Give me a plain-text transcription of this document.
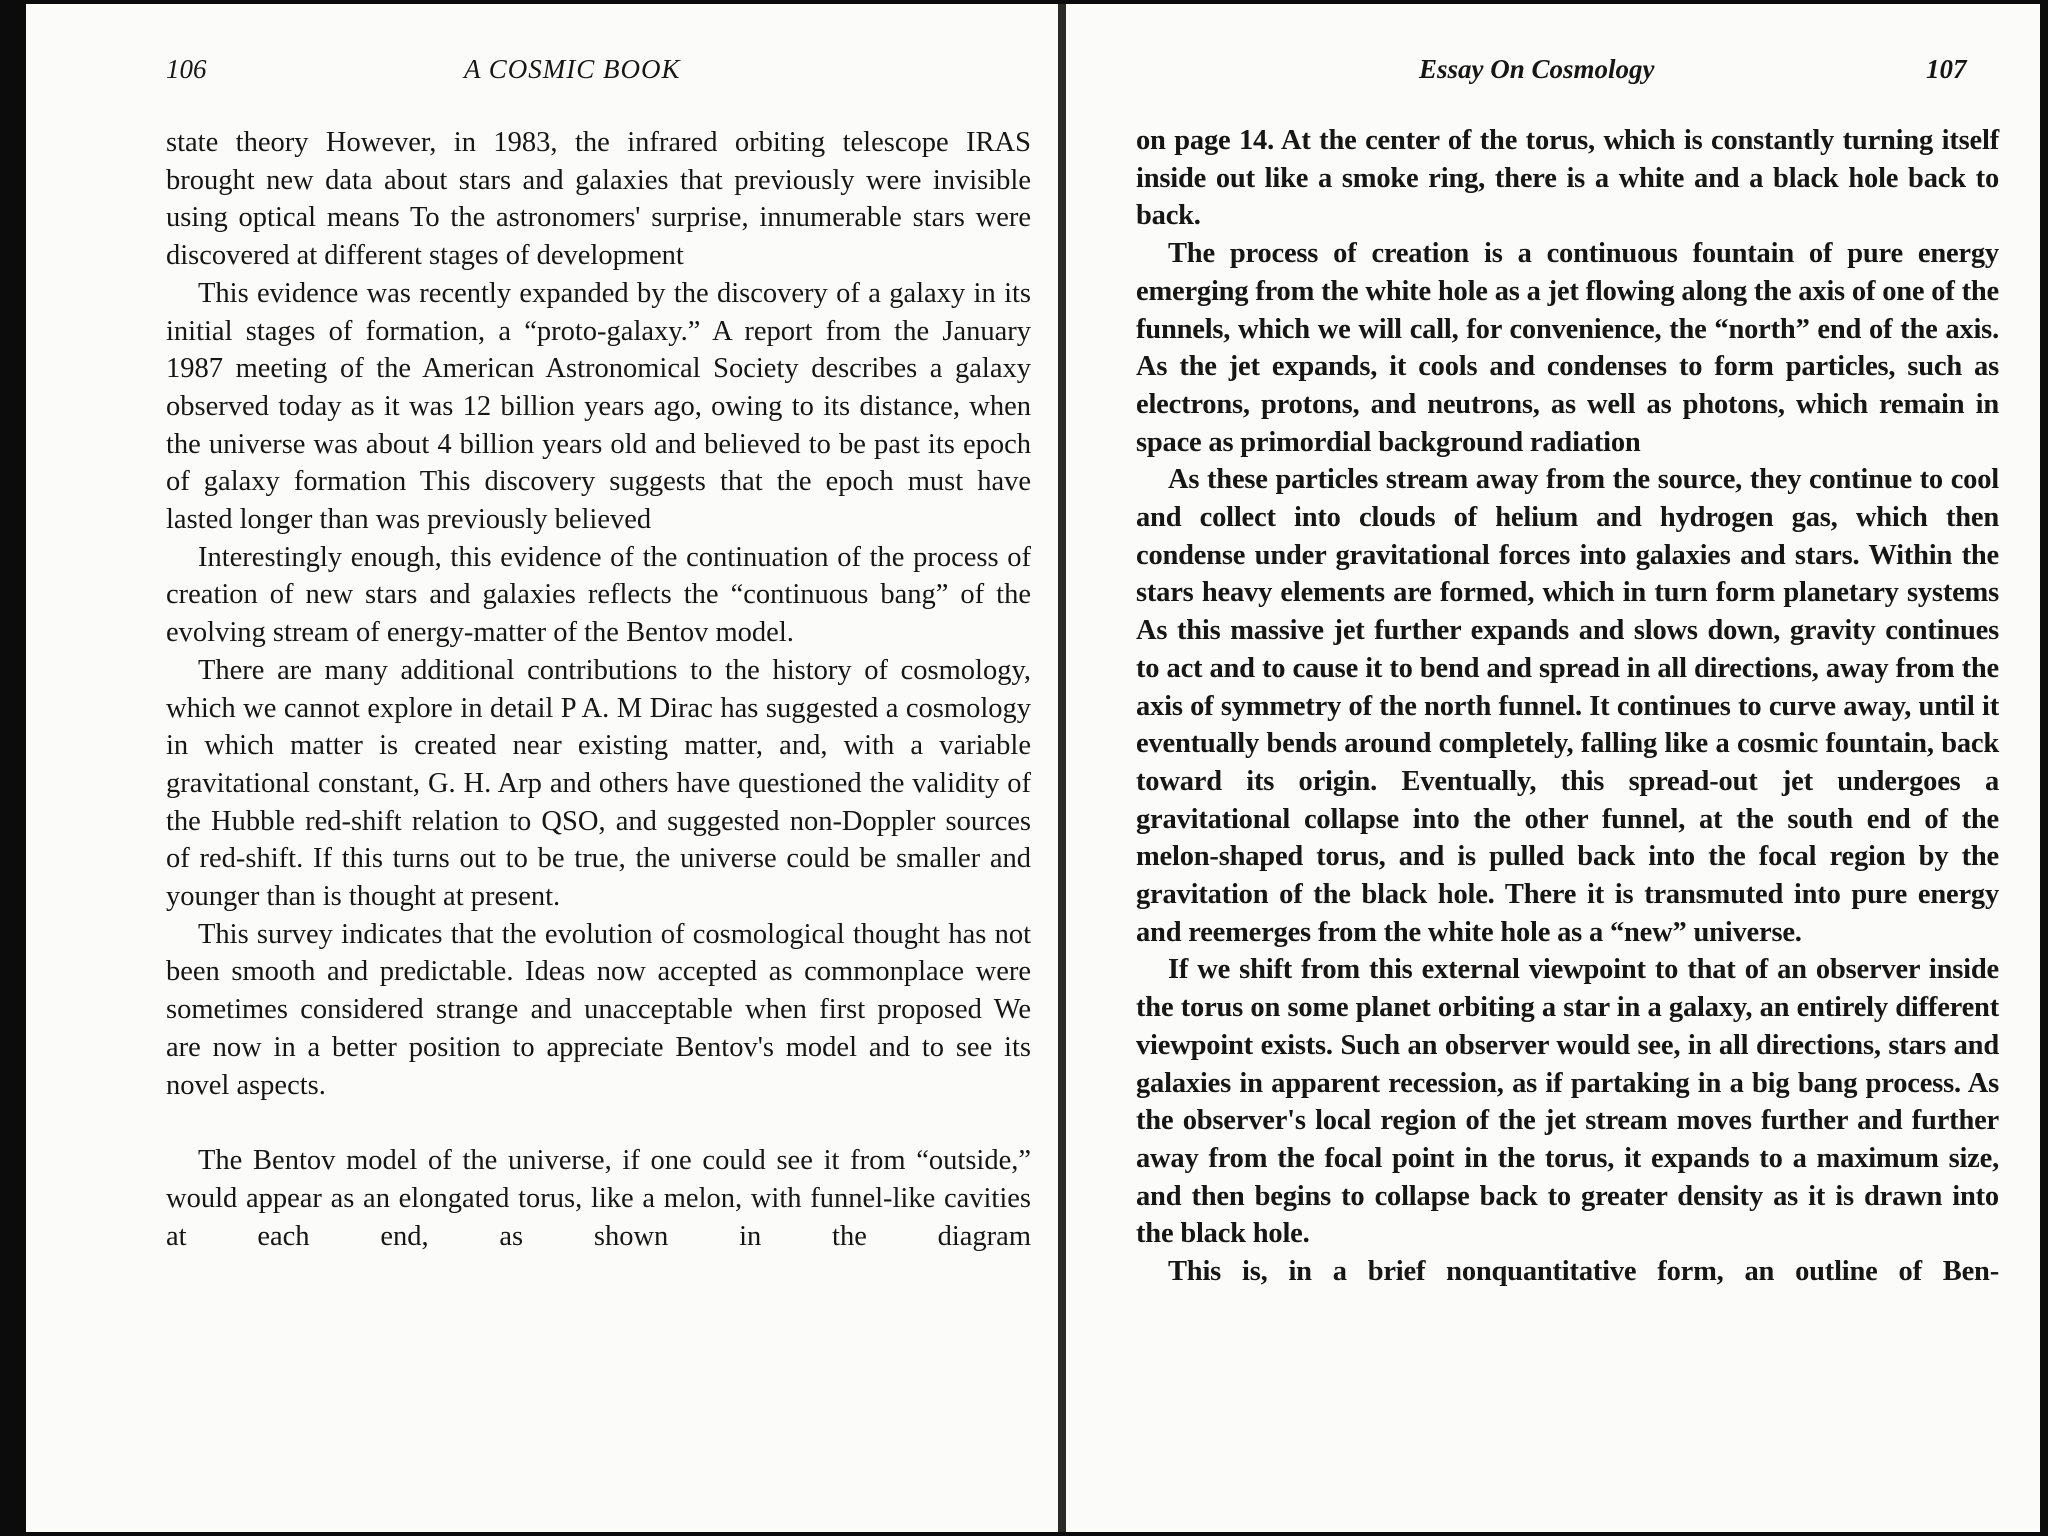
106	A COSMIC BOOK

state theory However, in 1983, the infrared orbiting telescope IRAS brought new data about stars and galaxies that previously were invisible using optical means To the astronomers' surprise, innumerable stars were discovered at different stages of development

This evidence was recently expanded by the discovery of a galaxy in its initial stages of formation, a “proto-galaxy.” A report from the January 1987 meeting of the American Astronomical Society describes a galaxy observed today as it was 12 billion years ago, owing to its distance, when the universe was about 4 billion years old and believed to be past its epoch of galaxy formation This discovery suggests that the epoch must have lasted longer than was previously believed

Interestingly enough, this evidence of the continuation of the process of creation of new stars and galaxies reflects the “continuous bang” of the evolving stream of energy-matter of the Bentov model.

There are many additional contributions to the history of cosmology, which we cannot explore in detail P A. M Dirac has suggested a cosmology in which matter is created near existing matter, and, with a variable gravitational constant, G. H. Arp and others have questioned the validity of the Hubble red-shift relation to QSO, and suggested non-Doppler sources of red-shift. If this turns out to be true, the universe could be smaller and younger than is thought at present.

This survey indicates that the evolution of cosmological thought has not been smooth and predictable. Ideas now accepted as commonplace were sometimes considered strange and unacceptable when first proposed We are now in a better position to appreciate Bentov's model and to see its novel aspects.

The Bentov model of the universe, if one could see it from “outside,” would appear as an elongated torus, like a melon, with funnel-like cavities at each end, as shown in the diagram

Essay On Cosmology	107

on page 14. At the center of the torus, which is constantly turning itself inside out like a smoke ring, there is a white and a black hole back to back.

The process of creation is a continuous fountain of pure energy emerging from the white hole as a jet flowing along the axis of one of the funnels, which we will call, for convenience, the “north” end of the axis. As the jet expands, it cools and condenses to form particles, such as electrons, protons, and neutrons, as well as photons, which remain in space as primordial background radiation

As these particles stream away from the source, they continue to cool and collect into clouds of helium and hydrogen gas, which then condense under gravitational forces into galaxies and stars. Within the stars heavy elements are formed, which in turn form planetary systems As this massive jet further expands and slows down, gravity continues to act and to cause it to bend and spread in all directions, away from the axis of symmetry of the north funnel. It continues to curve away, until it eventually bends around completely, falling like a cosmic fountain, back toward its origin. Eventually, this spread-out jet undergoes a gravitational collapse into the other funnel, at the south end of the melon-shaped torus, and is pulled back into the focal region by the gravitation of the black hole. There it is transmuted into pure energy and reemerges from the white hole as a “new” universe.

If we shift from this external viewpoint to that of an observer inside the torus on some planet orbiting a star in a galaxy, an entirely different viewpoint exists. Such an observer would see, in all directions, stars and galaxies in apparent recession, as if partaking in a big bang process. As the observer's local region of the jet stream moves further and further away from the focal point in the torus, it expands to a maximum size, and then begins to collapse back to greater density as it is drawn into the black hole.

This is, in a brief nonquantitative form, an outline of Ben-
